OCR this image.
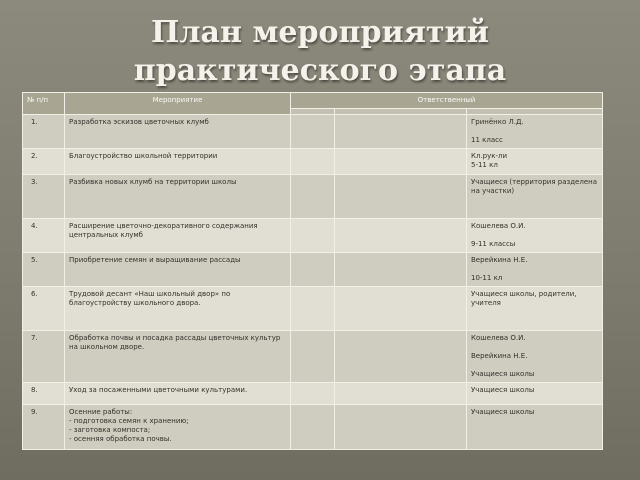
План мероприятий
практического этапа
№ п/п	Мероприятие	Ответственный		

1.	Разработка эскизов цветочных клумб			Гринёнко Л.Д.

11 класс
2.	Благоустройство школьной территории			Кл.рук-ли
5-11 кл
3.	Разбивка новых клумб на территории школы			Учащиеся (территория разделена на участки)
4.	Расширение цветочно-декоративного содержания центральных клумб			Кошелева О.И.

9-11 классы
5.	Приобретение семян и выращивание рассады			Верейкина Н.Е.

10-11 кл
6.	Трудовой десант «Наш школьный двор» по благоустройству школьного двора.			Учащиеся школы, родители, учителя
7.	Обработка почвы и посадка рассады цветочных культур на школьном дворе.			Кошелева О.И.

Верейкина Н.Е.

Учащиеся школы
8.	Уход за посаженными цветочными культурами.			Учащиеся школы
9.	Осенние работы:
- подготовка семян к хранению;
- заготовка компоста;
- осенняя обработка почвы.			Учащиеся школы
